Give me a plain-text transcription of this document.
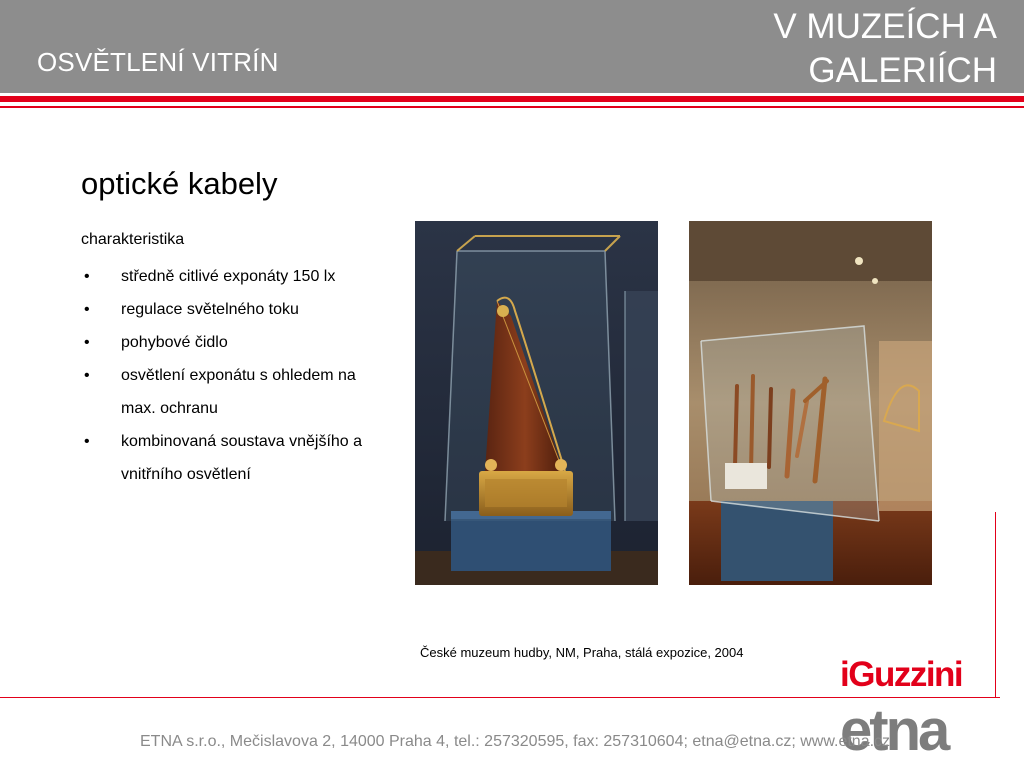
OSVĚTLENÍ VITRÍN
V MUZEÍCH A GALERIÍCH
optické kabely
charakteristika
•	středně citlivé exponáty 150 lx
•	regulace světelného toku
•	pohybové čidlo
•	osvětlení exponátu s ohledem na max. ochranu
•	kombinovaná soustava vnějšího a vnitřního osvětlení
České muzeum hudby, NM, Praha, stálá expozice, 2004
iGuzzini
etna
ETNA s.r.o., Mečislavova 2, 14000 Praha 4, tel.: 257320595, fax: 257310604; etna@etna.cz; www.etna.cz
